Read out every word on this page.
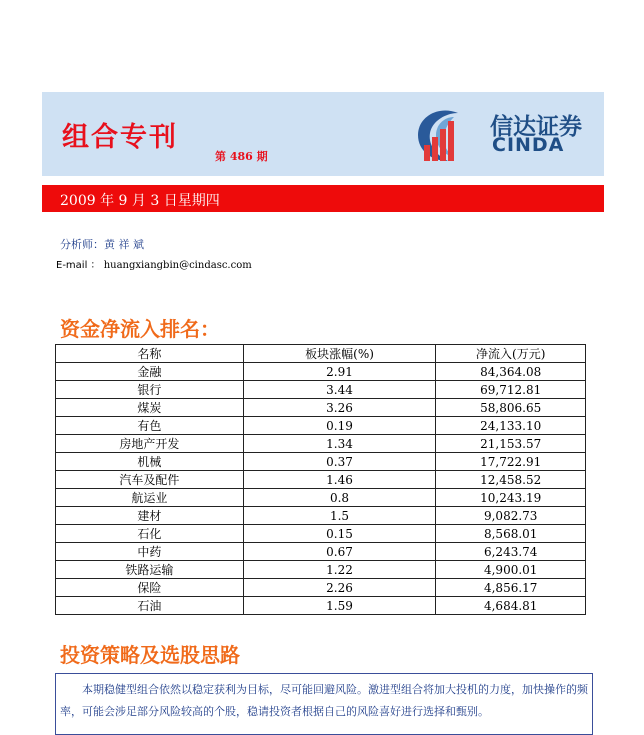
组合专刊
第 486 期
信达证券
CINDA
2009 年 9 月 3 日星期四
分析师：黄 祥 斌
E-mail ： huangxiangbin@cindasc.com
资金净流入排名：
名称	板块涨幅(%)	净流入(万元)
金融	2.91	84,364.08
银行	3.44	69,712.81
煤炭	3.26	58,806.65
有色	0.19	24,133.10
房地产开发	1.34	21,153.57
机械	0.37	17,722.91
汽车及配件	1.46	12,458.52
航运业	0.8	10,243.19
建材	1.5	9,082.73
石化	0.15	8,568.01
中药	0.67	6,243.74
铁路运输	1.22	4,900.01
保险	2.26	4,856.17
石油	1.59	4,684.81
投资策略及选股思路
本期稳健型组合依然以稳定获利为目标，尽可能回避风险。激进型组合将加大投机的力度，加快操作的频率，可能会涉足部分风险较高的个股，稳请投资者根据自己的风险喜好进行选择和甄别。
